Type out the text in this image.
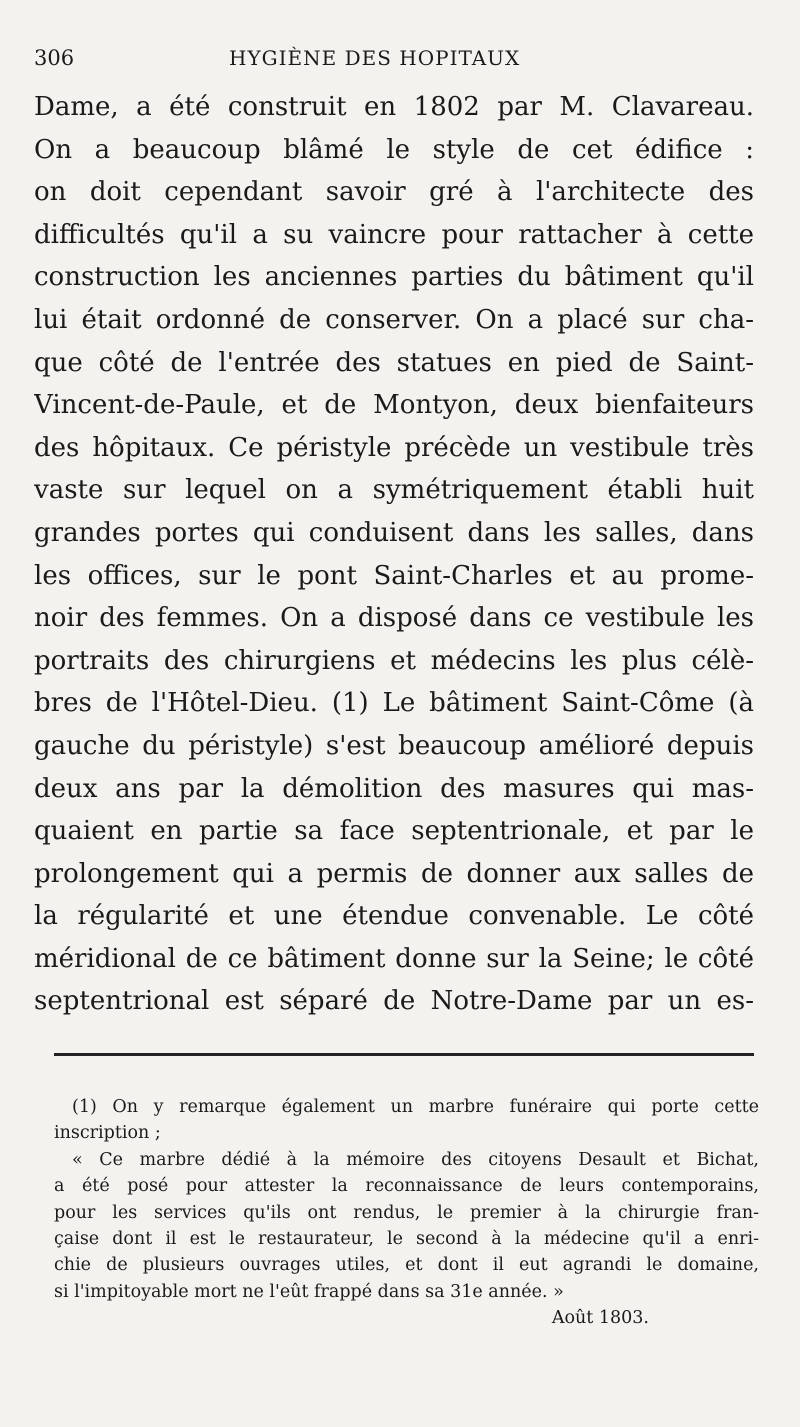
306	HYGIÈNE DES HOPITAUX
Dame, a été construit en 1802 par M. Clavareau.
On a beaucoup blâmé le style de cet édifice :
on doit cependant savoir gré à l'architecte des
difficultés qu'il a su vaincre pour rattacher à cette
construction les anciennes parties du bâtiment qu'il
lui était ordonné de conserver. On a placé sur cha-
que côté de l'entrée des statues en pied de Saint-
Vincent-de-Paule, et de Montyon, deux bienfaiteurs
des hôpitaux. Ce péristyle précède un vestibule très
vaste sur lequel on a symétriquement établi huit
grandes portes qui conduisent dans les salles, dans
les offices, sur le pont Saint-Charles et au prome-
noir des femmes. On a disposé dans ce vestibule les
portraits des chirurgiens et médecins les plus célè-
bres de l'Hôtel-Dieu. (1) Le bâtiment Saint-Côme (à
gauche du péristyle) s'est beaucoup amélioré depuis
deux ans par la démolition des masures qui mas-
quaient en partie sa face septentrionale, et par le
prolongement qui a permis de donner aux salles de
la régularité et une étendue convenable. Le côté
méridional de ce bâtiment donne sur la Seine; le côté
septentrional est séparé de Notre-Dame par un es-
(1) On y remarque également un marbre funéraire qui porte cette
inscription ;
« Ce marbre dédié à la mémoire des citoyens Desault et Bichat,
a été posé pour attester la reconnaissance de leurs contemporains,
pour les services qu'ils ont rendus, le premier à la chirurgie fran-
çaise dont il est le restaurateur, le second à la médecine qu'il a enri-
chie de plusieurs ouvrages utiles, et dont il eut agrandi le domaine,
si l'impitoyable mort ne l'eût frappé dans sa 31e année. »
Août 1803.
